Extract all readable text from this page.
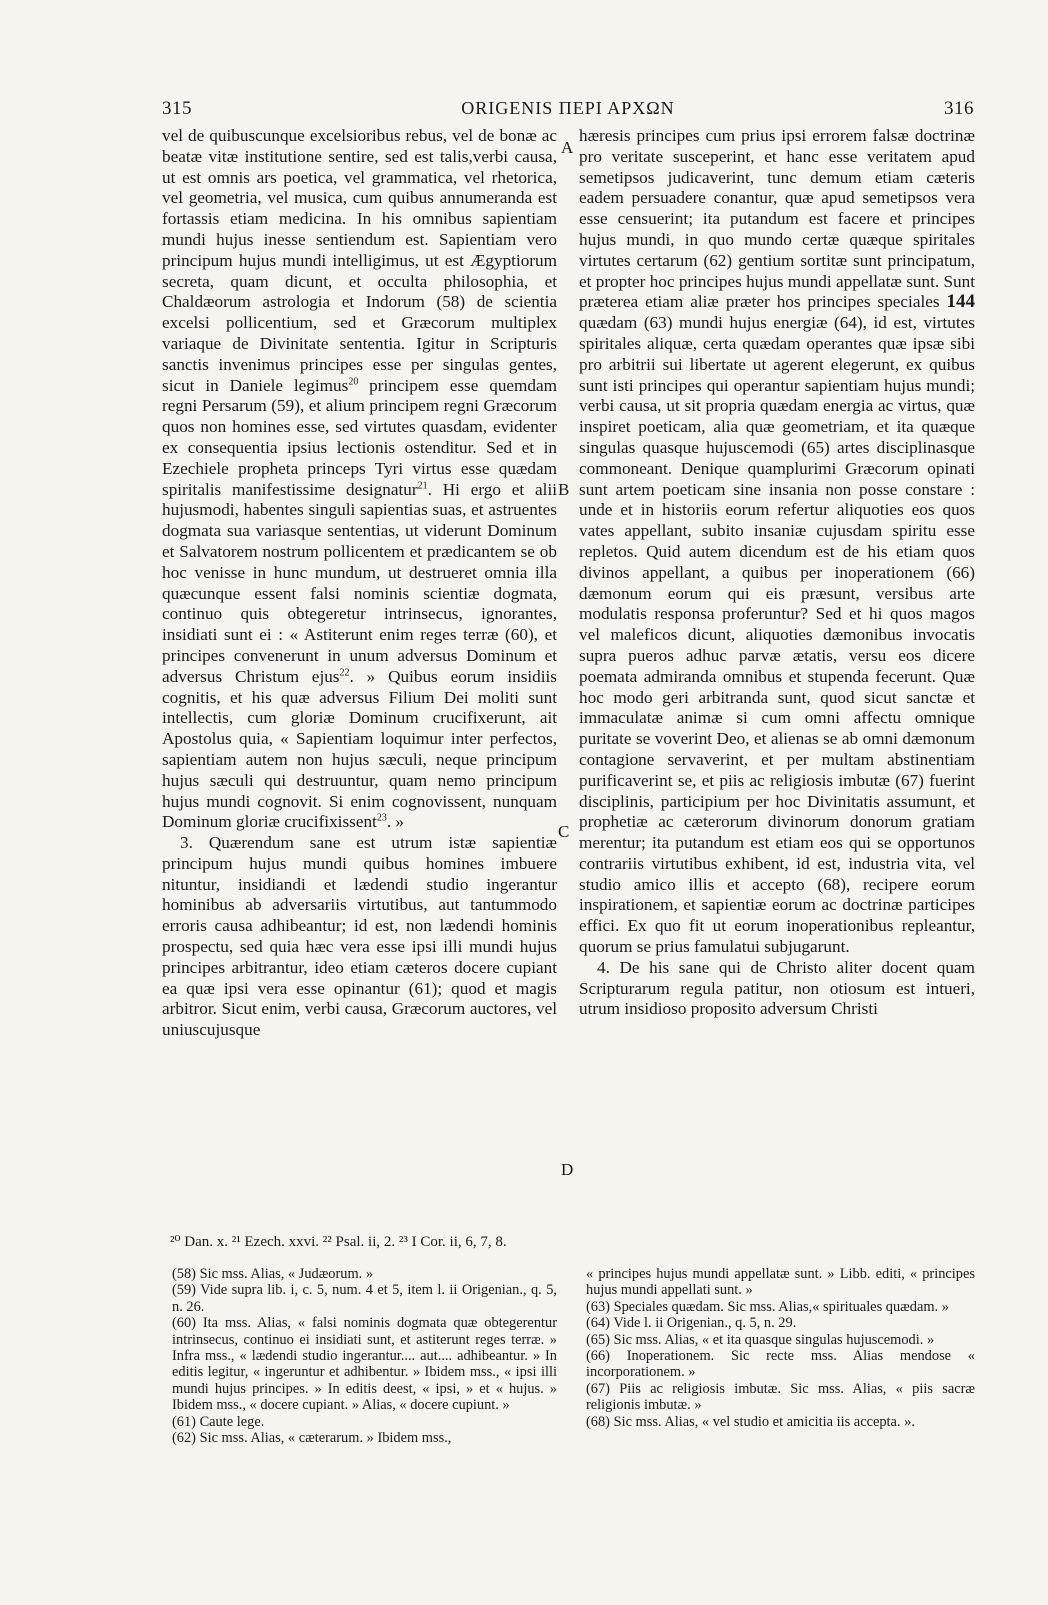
315	ORIGENIS ΠΕΡΙ ΑΡΧΩΝ	316
A
B
C
D

vel de quibuscunque excelsioribus rebus, vel de bonæ ac beatæ vitæ institutione sentire, sed est talis,verbi causa, ut est omnis ars poetica, vel grammatica, vel rhetorica, vel geometria, vel musica, cum quibus annumeranda est fortassis etiam medicina. In his omnibus sapientiam mundi hujus inesse sentiendum est. Sapientiam vero principum hujus mundi intelligimus, ut est Ægyptiorum secreta, quam dicunt, et occulta philosophia, et Chaldæorum astrologia et Indorum (58) de scientia excelsi pollicentium, sed et Græcorum multiplex variaque de Divinitate sententia. Igitur in Scripturis sanctis invenimus principes esse per singulas gentes, sicut in Daniele legimus$^{20}$ principem esse quemdam regni Persarum (59), et alium principem regni Græcorum quos non homines esse, sed virtutes quasdam, evidenter ex consequentia ipsius lectionis ostenditur. Sed et in Ezechiele propheta princeps Tyri virtus esse quædam spiritalis manifestissime designatur$^{21}$. Hi ergo et alii hujusmodi, habentes singuli sapientias suas, et astruentes dogmata sua variasque sententias, ut viderunt Dominum et Salvatorem nostrum pollicentem et prædicantem se ob hoc venisse in hunc mundum, ut destrueret omnia illa quæcunque essent falsi nominis scientiæ dogmata, continuo quis obtegeretur intrinsecus, ignorantes, insidiati sunt ei : « Astiterunt enim reges terræ (60), et principes convenerunt in unum adversus Dominum et adversus Christum ejus$^{22}$. » Quibus eorum insidiis cognitis, et his quæ adversus Filium Dei moliti sunt intellectis, cum gloriæ Dominum crucifixerunt, ait Apostolus quia, « Sapientiam loquimur inter perfectos, sapientiam autem non hujus sæculi, neque principum hujus sæculi qui destruuntur, quam nemo principum hujus mundi cognovit. Si enim cognovissent, nunquam Dominum gloriæ crucifixissent$^{23}$. »

3. Quærendum sane est utrum istæ sapientiæ principum hujus mundi quibus homines imbuere nituntur, insidiandi et lædendi studio ingerantur hominibus ab adversariis virtutibus, aut tantummodo erroris causa adhibeantur; id est, non lædendi hominis prospectu, sed quia hæc vera esse ipsi illi mundi hujus principes arbitrantur, ideo etiam cæteros docere cupiant ea quæ ipsi vera esse opinantur (61); quod et magis arbitror. Sicut enim, verbi causa, Græcorum auctores, vel uniuscujusque

hæresis principes cum prius ipsi errorem falsæ doctrinæ pro veritate susceperint, et hanc esse veritatem apud semetipsos judicaverint, tunc demum etiam cæteris eadem persuadere conantur, quæ apud semetipsos vera esse censuerint; ita putandum est facere et principes hujus mundi, in quo mundo certæ quæque spiritales virtutes certarum (62) gentium sortitæ sunt principatum, et propter hoc principes hujus mundi appellatæ sunt. Sunt præterea etiam aliæ præter hos principes speciales 144 quædam (63) mundi hujus energiæ (64), id est, virtutes spiritales aliquæ, certa quædam operantes quæ ipsæ sibi pro arbitrii sui libertate ut agerent elegerunt, ex quibus sunt isti principes qui operantur sapientiam hujus mundi; verbi causa, ut sit propria quædam energia ac virtus, quæ inspiret poeticam, alia quæ geometriam, et ita quæque singulas quasque hujuscemodi (65) artes disciplinasque commoneant. Denique quamplurimi Græcorum opinati sunt artem poeticam sine insania non posse constare : unde et in historiis eorum refertur aliquoties eos quos vates appellant, subito insaniæ cujusdam spiritu esse repletos. Quid autem dicendum est de his etiam quos divinos appellant, a quibus per inoperationem (66) dæmonum eorum qui eis præsunt, versibus arte modulatis responsa proferuntur? Sed et hi quos magos vel maleficos dicunt, aliquoties dæmonibus invocatis supra pueros adhuc parvæ ætatis, versu eos dicere poemata admiranda omnibus et stupenda fecerunt. Quæ hoc modo geri arbitranda sunt, quod sicut sanctæ et immaculatæ animæ si cum omni affectu omnique puritate se voverint Deo, et alienas se ab omni dæmonum contagione servaverint, et per multam abstinentiam purificaverint se, et piis ac religiosis imbutæ (67) fuerint disciplinis, participium per hoc Divinitatis assumunt, et prophetiæ ac cæterorum divinorum donorum gratiam merentur; ita putandum est etiam eos qui se opportunos contrariis virtutibus exhibent, id est, industria vita, vel studio amico illis et accepto (68), recipere eorum inspirationem, et sapientiæ eorum ac doctrinæ participes effici. Ex quo fit ut eorum inoperationibus repleantur, quorum se prius famulatui subjugarunt.

4. De his sane qui de Christo aliter docent quam Scripturarum regula patitur, non otiosum est intueri, utrum insidioso proposito adversum Christi

²⁰ Dan. x. ²¹ Ezech. xxvi. ²² Psal. ii, 2. ²³ I Cor. ii, 6, 7, 8.

(58) Sic mss. Alias, « Judæorum. »

(59) Vide supra lib. i, c. 5, num. 4 et 5, item l. ii Origenian., q. 5, n. 26.

(60) Ita mss. Alias, « falsi nominis dogmata quæ obtegerentur intrinsecus, continuo ei insidiati sunt, et astiterunt reges terræ. » Infra mss., « lædendi studio ingerantur.... aut.... adhibeantur. » In editis legitur, « ingeruntur et adhibentur. » Ibidem mss., « ipsi illi mundi hujus principes. » In editis deest, « ipsi, » et « hujus. » Ibidem mss., « docere cupiant. » Alias, « docere cupiunt. »

(61) Caute lege.

(62) Sic mss. Alias, « cæterarum. » Ibidem mss.,

« principes hujus mundi appellatæ sunt. » Libb. editi, « principes hujus mundi appellati sunt. »

(63) Speciales quædam. Sic mss. Alias,« spirituales quædam. »

(64) Vide l. ii Origenian., q. 5, n. 29.

(65) Sic mss. Alias, « et ita quasque singulas hujuscemodi. »

(66) Inoperationem. Sic recte mss. Alias mendose « incorporationem. »

(67) Piis ac religiosis imbutæ. Sic mss. Alias, « piis sacræ religionis imbutæ. »

(68) Sic mss. Alias, « vel studio et amicitia iis accepta. ».
